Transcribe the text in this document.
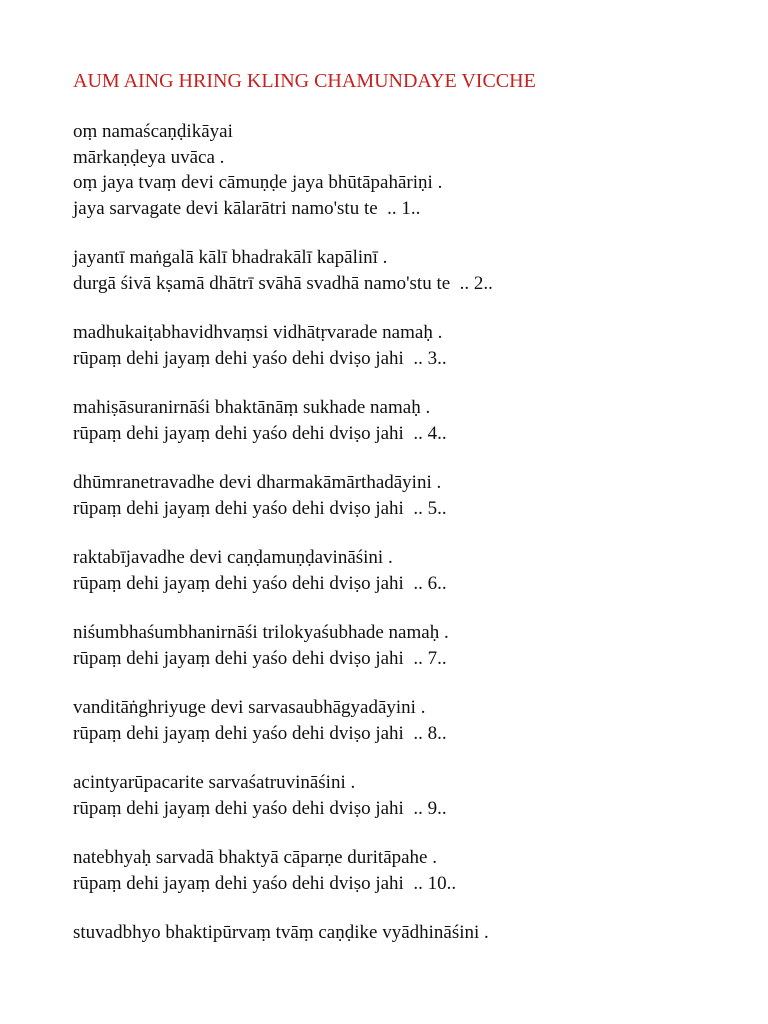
AUM AING HRING KLING CHAMUNDAYE VICCHE
oṃ namaścaṇḍikāyai
mārkaṇḍeya uvāca .
oṃ jaya tvaṃ devi cāmuṇḍe jaya bhūtāpahāriṇi .
jaya sarvagate devi kālarātri namo'stu te  .. 1..
jayantī maṅgalā kālī bhadrakālī kapālinī .
durgā śivā kṣamā dhātrī svāhā svadhā namo'stu te  .. 2..
madhukaiṭabhavidhvaṃsi vidhātṛvarade namaḥ .
rūpaṃ dehi jayaṃ dehi yaśo dehi dviṣo jahi  .. 3..
mahiṣāsuranirnāśi bhaktānāṃ sukhade namaḥ .
rūpaṃ dehi jayaṃ dehi yaśo dehi dviṣo jahi  .. 4..
dhūmranetravadhe devi dharmakāmārthadāyini .
rūpaṃ dehi jayaṃ dehi yaśo dehi dviṣo jahi  .. 5..
raktabījavadhe devi caṇḍamuṇḍavināśini .
rūpaṃ dehi jayaṃ dehi yaśo dehi dviṣo jahi  .. 6..
niśumbhaśumbhanirnāśi trilokyaśubhade namaḥ .
rūpaṃ dehi jayaṃ dehi yaśo dehi dviṣo jahi  .. 7..
vanditāṅghriyuge devi sarvasaubhāgyadāyini .
rūpaṃ dehi jayaṃ dehi yaśo dehi dviṣo jahi  .. 8..
acintyarūpacarite sarvaśatruvināśini .
rūpaṃ dehi jayaṃ dehi yaśo dehi dviṣo jahi  .. 9..
natebhyaḥ sarvadā bhaktyā cāparṇe duritāpahe .
rūpaṃ dehi jayaṃ dehi yaśo dehi dviṣo jahi  .. 10..
stuvadbhyo bhaktipūrvaṃ tvāṃ caṇḍike vyādhināśini .
